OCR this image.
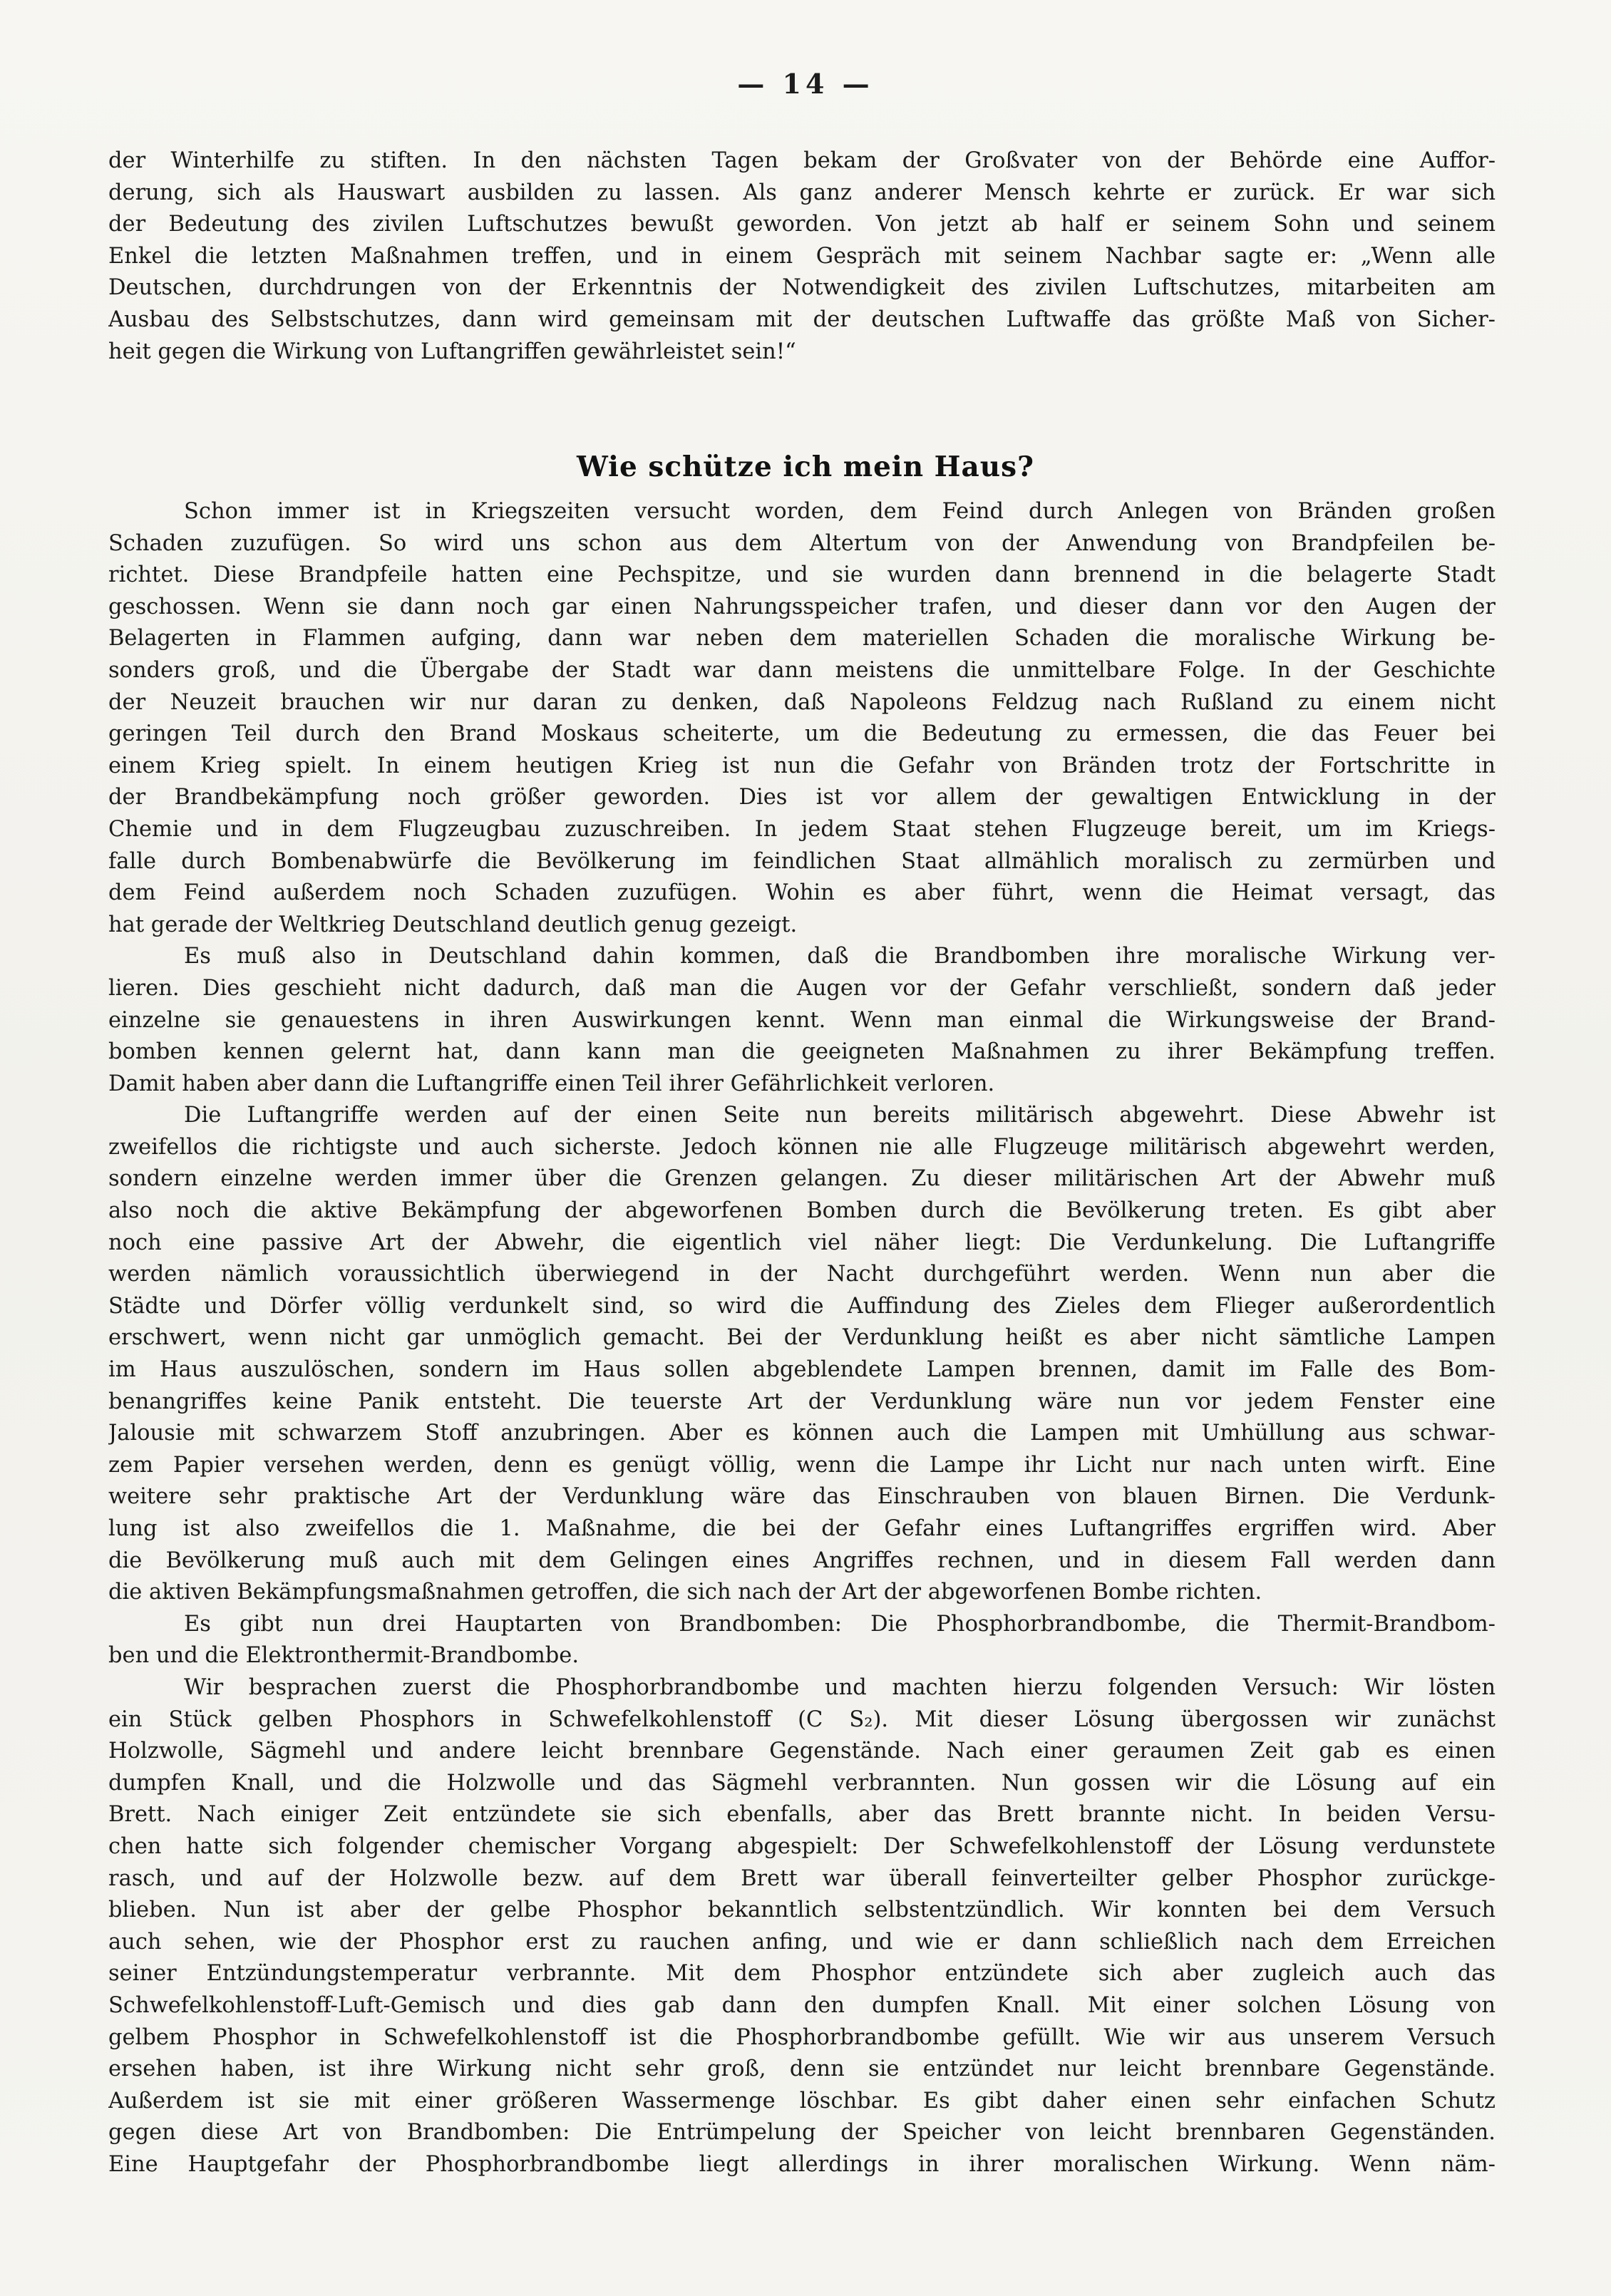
— 14 —
der Winterhilfe zu stiften. In den nächsten Tagen bekam der Großvater von der Behörde eine Auffor-
derung, sich als Hauswart ausbilden zu lassen. Als ganz anderer Mensch kehrte er zurück. Er war sich
der Bedeutung des zivilen Luftschutzes bewußt geworden. Von jetzt ab half er seinem Sohn und seinem
Enkel die letzten Maßnahmen treffen, und in einem Gespräch mit seinem Nachbar sagte er: „Wenn alle
Deutschen, durchdrungen von der Erkenntnis der Notwendigkeit des zivilen Luftschutzes, mitarbeiten am
Ausbau des Selbstschutzes, dann wird gemeinsam mit der deutschen Luftwaffe das größte Maß von Sicher-
heit gegen die Wirkung von Luftangriffen gewährleistet sein!“
Wie schütze ich mein Haus?
Schon immer ist in Kriegszeiten versucht worden, dem Feind durch Anlegen von Bränden großen
Schaden zuzufügen. So wird uns schon aus dem Altertum von der Anwendung von Brandpfeilen be-
richtet. Diese Brandpfeile hatten eine Pechspitze, und sie wurden dann brennend in die belagerte Stadt
geschossen. Wenn sie dann noch gar einen Nahrungsspeicher trafen, und dieser dann vor den Augen der
Belagerten in Flammen aufging, dann war neben dem materiellen Schaden die moralische Wirkung be-
sonders groß, und die Übergabe der Stadt war dann meistens die unmittelbare Folge. In der Geschichte
der Neuzeit brauchen wir nur daran zu denken, daß Napoleons Feldzug nach Rußland zu einem nicht
geringen Teil durch den Brand Moskaus scheiterte, um die Bedeutung zu ermessen, die das Feuer bei
einem Krieg spielt. In einem heutigen Krieg ist nun die Gefahr von Bränden trotz der Fortschritte in
der Brandbekämpfung noch größer geworden. Dies ist vor allem der gewaltigen Entwicklung in der
Chemie und in dem Flugzeugbau zuzuschreiben. In jedem Staat stehen Flugzeuge bereit, um im Kriegs-
falle durch Bombenabwürfe die Bevölkerung im feindlichen Staat allmählich moralisch zu zermürben und
dem Feind außerdem noch Schaden zuzufügen. Wohin es aber führt, wenn die Heimat versagt, das
hat gerade der Weltkrieg Deutschland deutlich genug gezeigt.
Es muß also in Deutschland dahin kommen, daß die Brandbomben ihre moralische Wirkung ver-
lieren. Dies geschieht nicht dadurch, daß man die Augen vor der Gefahr verschließt, sondern daß jeder
einzelne sie genauestens in ihren Auswirkungen kennt. Wenn man einmal die Wirkungsweise der Brand-
bomben kennen gelernt hat, dann kann man die geeigneten Maßnahmen zu ihrer Bekämpfung treffen.
Damit haben aber dann die Luftangriffe einen Teil ihrer Gefährlichkeit verloren.
Die Luftangriffe werden auf der einen Seite nun bereits militärisch abgewehrt. Diese Abwehr ist
zweifellos die richtigste und auch sicherste. Jedoch können nie alle Flugzeuge militärisch abgewehrt werden,
sondern einzelne werden immer über die Grenzen gelangen. Zu dieser militärischen Art der Abwehr muß
also noch die aktive Bekämpfung der abgeworfenen Bomben durch die Bevölkerung treten. Es gibt aber
noch eine passive Art der Abwehr, die eigentlich viel näher liegt: Die Verdunkelung. Die Luftangriffe
werden nämlich voraussichtlich überwiegend in der Nacht durchgeführt werden. Wenn nun aber die
Städte und Dörfer völlig verdunkelt sind, so wird die Auffindung des Zieles dem Flieger außerordentlich
erschwert, wenn nicht gar unmöglich gemacht. Bei der Verdunklung heißt es aber nicht sämtliche Lampen
im Haus auszulöschen, sondern im Haus sollen abgeblendete Lampen brennen, damit im Falle des Bom-
benangriffes keine Panik entsteht. Die teuerste Art der Verdunklung wäre nun vor jedem Fenster eine
Jalousie mit schwarzem Stoff anzubringen. Aber es können auch die Lampen mit Umhüllung aus schwar-
zem Papier versehen werden, denn es genügt völlig, wenn die Lampe ihr Licht nur nach unten wirft. Eine
weitere sehr praktische Art der Verdunklung wäre das Einschrauben von blauen Birnen. Die Verdunk-
lung ist also zweifellos die 1. Maßnahme, die bei der Gefahr eines Luftangriffes ergriffen wird. Aber
die Bevölkerung muß auch mit dem Gelingen eines Angriffes rechnen, und in diesem Fall werden dann
die aktiven Bekämpfungsmaßnahmen getroffen, die sich nach der Art der abgeworfenen Bombe richten.
Es gibt nun drei Hauptarten von Brandbomben: Die Phosphorbrandbombe, die Thermit-Brandbom-
ben und die Elektronthermit-Brandbombe.
Wir besprachen zuerst die Phosphorbrandbombe und machten hierzu folgenden Versuch: Wir lösten
ein Stück gelben Phosphors in Schwefelkohlenstoff (C S₂). Mit dieser Lösung übergossen wir zunächst
Holzwolle, Sägmehl und andere leicht brennbare Gegenstände. Nach einer geraumen Zeit gab es einen
dumpfen Knall, und die Holzwolle und das Sägmehl verbrannten. Nun gossen wir die Lösung auf ein
Brett. Nach einiger Zeit entzündete sie sich ebenfalls, aber das Brett brannte nicht. In beiden Versu-
chen hatte sich folgender chemischer Vorgang abgespielt: Der Schwefelkohlenstoff der Lösung verdunstete
rasch, und auf der Holzwolle bezw. auf dem Brett war überall feinverteilter gelber Phosphor zurückge-
blieben. Nun ist aber der gelbe Phosphor bekanntlich selbstentzündlich. Wir konnten bei dem Versuch
auch sehen, wie der Phosphor erst zu rauchen anfing, und wie er dann schließlich nach dem Erreichen
seiner Entzündungstemperatur verbrannte. Mit dem Phosphor entzündete sich aber zugleich auch das
Schwefelkohlenstoff-Luft-Gemisch und dies gab dann den dumpfen Knall. Mit einer solchen Lösung von
gelbem Phosphor in Schwefelkohlenstoff ist die Phosphorbrandbombe gefüllt. Wie wir aus unserem Versuch
ersehen haben, ist ihre Wirkung nicht sehr groß, denn sie entzündet nur leicht brennbare Gegenstände.
Außerdem ist sie mit einer größeren Wassermenge löschbar. Es gibt daher einen sehr einfachen Schutz
gegen diese Art von Brandbomben: Die Entrümpelung der Speicher von leicht brennbaren Gegenständen.
Eine Hauptgefahr der Phosphorbrandbombe liegt allerdings in ihrer moralischen Wirkung. Wenn näm-
